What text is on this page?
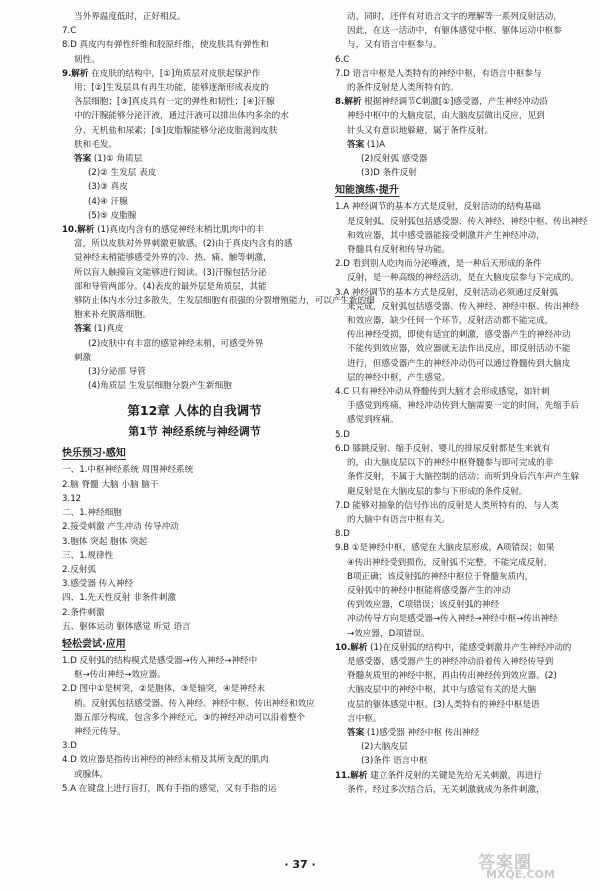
当外界温度低时，正好相反。
7.C
8.D 真皮内有弹性纤维和胶原纤维，使皮肤具有弹性和
韧性。
9.解析 在皮肤的结构中，[①]角质层对皮肤起保护作
用；[②]生发层具有再生功能，能够逐渐形成表皮的
各层细胞；[③]真皮具有一定的弹性和韧性；[④]汗腺
中的汗腺能够分泌汗液，通过汗液可以排出体内多余的水
分、无机盐和尿素；[⑤]皮脂腺能够分泌皮脂滋润皮肤
肤和毛发。
答案 (1)① 角质层
(2)② 生发层 表皮
(3)③ 真皮
(4)④ 汗腺
(5)⑤ 皮脂腺
10.解析 (1)真皮内含有的感觉神经末梢比肌肉中的丰
富，所以皮肤对外界刺激更敏感。(2)由于真皮内含有的感
觉神经末梢能够感受外界的冷、热、痛、触等刺激，
所以盲人触摸盲文能够进行阅读。(3)汗腺包括分泌
部和导管两部分。(4)表皮的最外层是角质层，其能
够防止体内水分过多散失，生发层细胞有很强的分裂增殖能力，可以产生新的细
胞来补充脱落细胞。
答案 (1)真皮
(2)皮肤中有丰富的感觉神经末梢，可感受外界
刺激
(3)分泌部 导管
(4)角质层 生发层细胞分裂产生新细胞
第12章 人体的自我调节
第1节 神经系统与神经调节
快乐预习·感知
一、1.中枢神经系统 周围神经系统
2.脑 脊髓 大脑 小脑 脑干
3.12
二、1.神经细胞
2.接受刺激 产生冲动 传导冲动
3.胞体 突起 胞体 突起
三、1.规律性
2.反射弧
3.感受器 传入神经
四、1.先天性反射 非条件刺激
2.条件刺激
五、躯体运动 躯体感觉 听觉 语言
轻松尝试·应用
1.D 反射弧的结构模式是感受器→传入神经→神经中
枢→传出神经→效应器。
2.D 图中①是树突，②是胞体，③是轴突，④是神经末
梢。反射弧包括感受器、传入神经、神经中枢、传出神经和效应
器五部分构成，包含多个神经元，③的神经冲动可以沿着整个
神经元传导。
3.D
4.D 效应器是指传出神经的神经末梢及其所支配的肌肉
或腺体。
5.A 在键盘上进行盲打，既有手指的感觉，又有手指的运
动，同时，还伴有对语言文字的理解等一系列反射活动，
因此，在这一活动中，有躯体感觉中枢、躯体运动中枢参
与，又有语言中枢参与。
6.C
7.D 语言中枢是人类特有的神经中枢，有语言中枢参与
的条件反射是人类所特有的。
8.解析 根据神经调节C刺激[①]感受器，产生神经冲动沿
神经中枢中的大脑皮层，由大脑皮层做出反应，见到
针头又有意识地躲避，属于条件反射。
答案 (1)A
(2)反射弧 感受器
(3)D 条件反射
知能演练·提升
1.A 神经调节的基本方式是反射，反射活动的结构基础
是反射弧，反射弧包括感受器、传入神经、神经中枢、传出神经
和效应器，其中感受器能接受刺激并产生神经冲动，
脊髓具有反射和传导功能。
2.D 看到别人吃肉而分泌唾液，是一种后天形成的条件
反射，是一种高级的神经活动，是在大脑皮层参与下完成的。
3.A 神经调节的基本方式是反射，反射活动必须通过反射弧
来完成，反射弧包括感受器、传入神经、神经中枢、传出神经
和效应器，缺少任何一个环节，反射活动都不能完成，
传出神经受损，即使有适宜的刺激，感受器产生的神经冲动
不能传到效应器，效应器就无法作出反应，即反射活动不能
进行，但感受器产生的神经冲动仍可以通过脊髓传到大脑皮
层的神经中枢，产生感觉。
4.C 只有神经冲动从脊髓传到大脑才会形成感觉，如针刺
手感觉到疼痛，神经冲动传到大脑需要一定的时间，先缩手后
感觉到疼痛。
5.D
6.D 膝跳反射、缩手反射、婴儿的排尿反射都是生来就有
的，由大脑皮层以下的神经中枢脊髓参与即可完成的非
条件反射，不属于大脑控制的活动；而听到身后汽车声产生躲
避反射是在大脑皮层的参与下形成的条件反射。
7.D 能够对抽象的信号作出的反射是人类所特有的，与人类
的大脑中有语言中枢有关。
8.D
9.B ①是神经中枢，感觉在大脑皮层形成，A项错误；如果
④传出神经受到损伤，反射弧不完整，不能完成反射，
B项正确；该反射弧的神经中枢位于脊髓灰质内，
反射弧中的神经中枢能将感受器产生的冲动
传到效应器，C项错误；该反射弧的神经
冲动传导方向是感受器→传入神经→神经中枢→传出神经
→效应器，D项错误。
10.解析 (1)在反射弧的结构中，能感受刺激并产生神经冲动的
是感受器，感受器产生的神经冲动沿着传入神经传导到
脊髓灰质里的神经中枢，再由传出神经传到效应器。(2)
大脑皮层中的神经中枢，其中与感觉有关的是大脑
皮层的躯体感觉中枢。(3)人类特有的神经中枢是语
言中枢。
答案 (1)感受器 神经中枢 传出神经
(2)大脑皮层
(3)条件 语言中枢
11.解析 建立条件反射的关键是先给无关刺激，再进行
条件，经过多次结合后，无关刺激就成为条件刺激，
· 37 ·	答案圈
MXQE.COM
